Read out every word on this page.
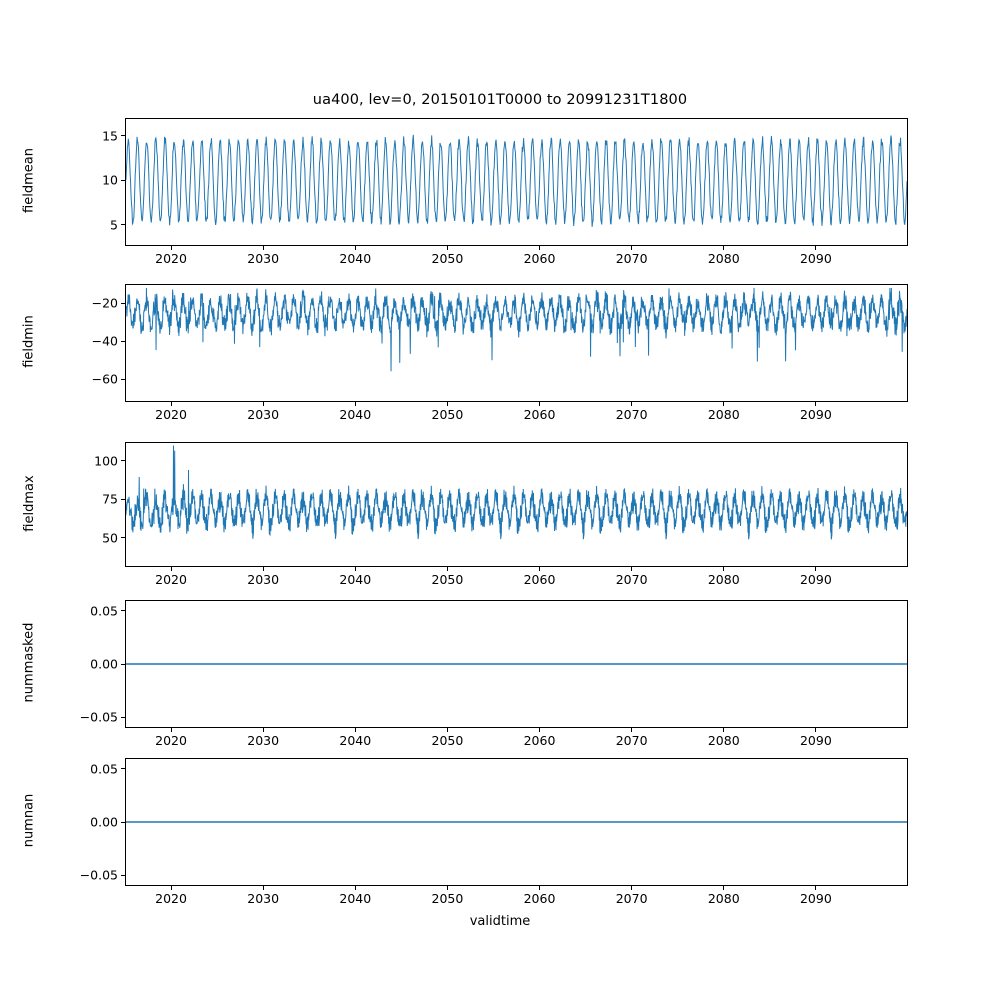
ua400, lev=0, 20150101T0000 to 20991231T1800
5
10
15
fieldmean
2020	2030	2040	2050	2060	2070	2080	2090
−60
−40
−20
fieldmin
2020	2030	2040	2050	2060	2070	2080	2090
50
75
100
fieldmax
2020	2030	2040	2050	2060	2070	2080	2090
−0.05
0.00
0.05
nummasked
2020	2030	2040	2050	2060	2070	2080	2090
−0.05
0.00
0.05
numnan
2020	2030	2040	2050	2060	2070	2080	2090
validtime
